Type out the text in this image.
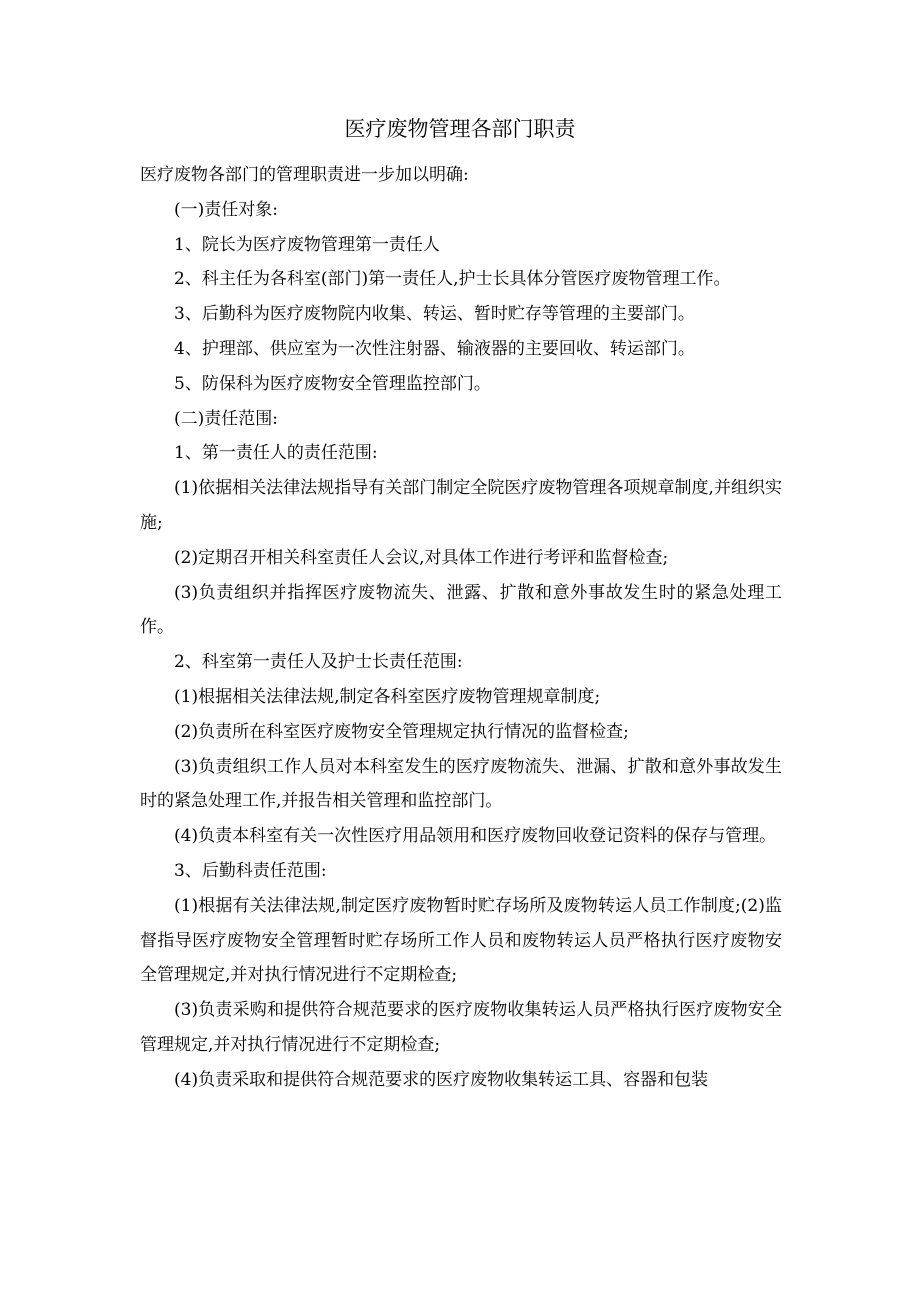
医疗废物管理各部门职责

医疗废物各部门的管理职责进一步加以明确:

(一)责任对象:

1、院长为医疗废物管理第一责任人

2、科主任为各科室(部门)第一责任人,护士长具体分管医疗废物管理工作。

3、后勤科为医疗废物院内收集、转运、暂时贮存等管理的主要部门。

4、护理部、供应室为一次性注射器、输液器的主要回收、转运部门。

5、防保科为医疗废物安全管理监控部门。

(二)责任范围:

1、第一责任人的责任范围:

(1)依据相关法律法规指导有关部门制定全院医疗废物管理各项规章制度,并组织实施;

(2)定期召开相关科室责任人会议,对具体工作进行考评和监督检查;

(3)负责组织并指挥医疗废物流失、泄露、扩散和意外事故发生时的紧急处理工作。

2、科室第一责任人及护士长责任范围:

(1)根据相关法律法规,制定各科室医疗废物管理规章制度;

(2)负责所在科室医疗废物安全管理规定执行情况的监督检查;

(3)负责组织工作人员对本科室发生的医疗废物流失、泄漏、扩散和意外事故发生时的紧急处理工作,并报告相关管理和监控部门。

(4)负责本科室有关一次性医疗用品领用和医疗废物回收登记资料的保存与管理。

3、后勤科责任范围:

(1)根据有关法律法规,制定医疗废物暂时贮存场所及废物转运人员工作制度;(2)监督指导医疗废物安全管理暂时贮存场所工作人员和废物转运人员严格执行医疗废物安全管理规定,并对执行情况进行不定期检查;

(3)负责采购和提供符合规范要求的医疗废物收集转运人员严格执行医疗废物安全管理规定,并对执行情况进行不定期检查;

(4)负责采取和提供符合规范要求的医疗废物收集转运工具、容器和包装
